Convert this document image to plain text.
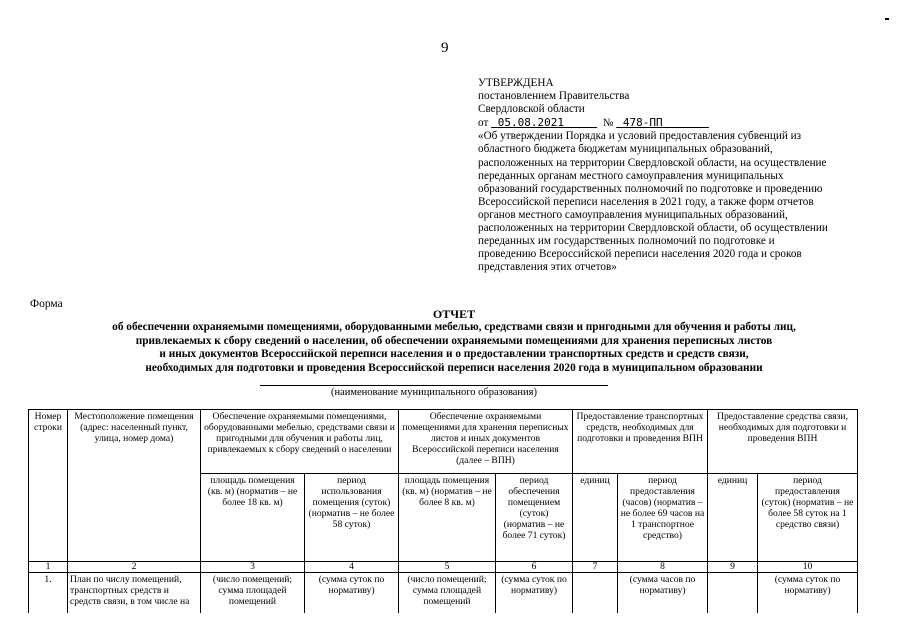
9
УТВЕРЖДЕНА
постановлением Правительства
Свердловской области
от 05.08.2021	№ 478-ПП
«Об утверждении Порядка и условий предоставления субвенций из
областного бюджета бюджетам муниципальных образований,
расположенных на территории Свердловской области, на осуществление
переданных органам местного самоуправления муниципальных
образований государственных полномочий по подготовке и проведению
Всероссийской переписи населения в 2021 году, а также форм отчетов
органов местного самоуправления муниципальных образований,
расположенных на территории Свердловской области, об осуществлении
переданных им государственных полномочий по подготовке и
проведению Всероссийской переписи населения 2020 года и сроков
представления этих отчетов»
Форма
ОТЧЕТ
об обеспечении охраняемыми помещениями, оборудованными мебелью, средствами связи и пригодными для обучения и работы лиц,
привлекаемых к сбору сведений о населении, об обеспечении охраняемыми помещениями для хранения переписных листов
и иных документов Всероссийской переписи населения и о предоставлении транспортных средств и средств связи,
необходимых для подготовки и проведения Всероссийской переписи населения 2020 года в муниципальном образовании
(наименование муниципального образования)
Номер строки	Местоположение помещения (адрес: населенный пункт, улица, номер дома)	Обеспечение охраняемыми помещениями, оборудованными мебелью, средствами связи и пригодными для обучения и работы лиц, привлекаемых к сбору сведений о населении		Обеспечение охраняемыми помещениями для хранения переписных листов и иных документов Всероссийской переписи населения (далее – ВПН)		Предоставление транспортных средств, необходимых для подготовки и проведения ВПН		Предоставление средства связи, необходимых для подготовки и проведения ВПН	
		площадь помещения (кв. м) (норматив – не более 18 кв. м)	период использования помещения (суток) (норматив – не более 58 суток)	площадь помещения (кв. м) (норматив – не более 8 кв. м)	период обеспечения помещением (суток) (норматив – не более 71 суток)	единиц	период предоставления (часов) (норматив – не более 69 часов на 1 транспортное средство)	единиц	период предоставления (суток) (норматив – не более 58 суток на 1 средство связи)
1	2	3	4	5	6	7	8	9	10
1.	План по числу помещений, транспортных средств и средств связи, в том числе на	(число помещений; сумма площадей помещений	(сумма суток по нормативу)	(число помещений; сумма площадей помещений	(сумма суток по нормативу)		(сумма часов по нормативу)		(сумма суток по нормативу)
